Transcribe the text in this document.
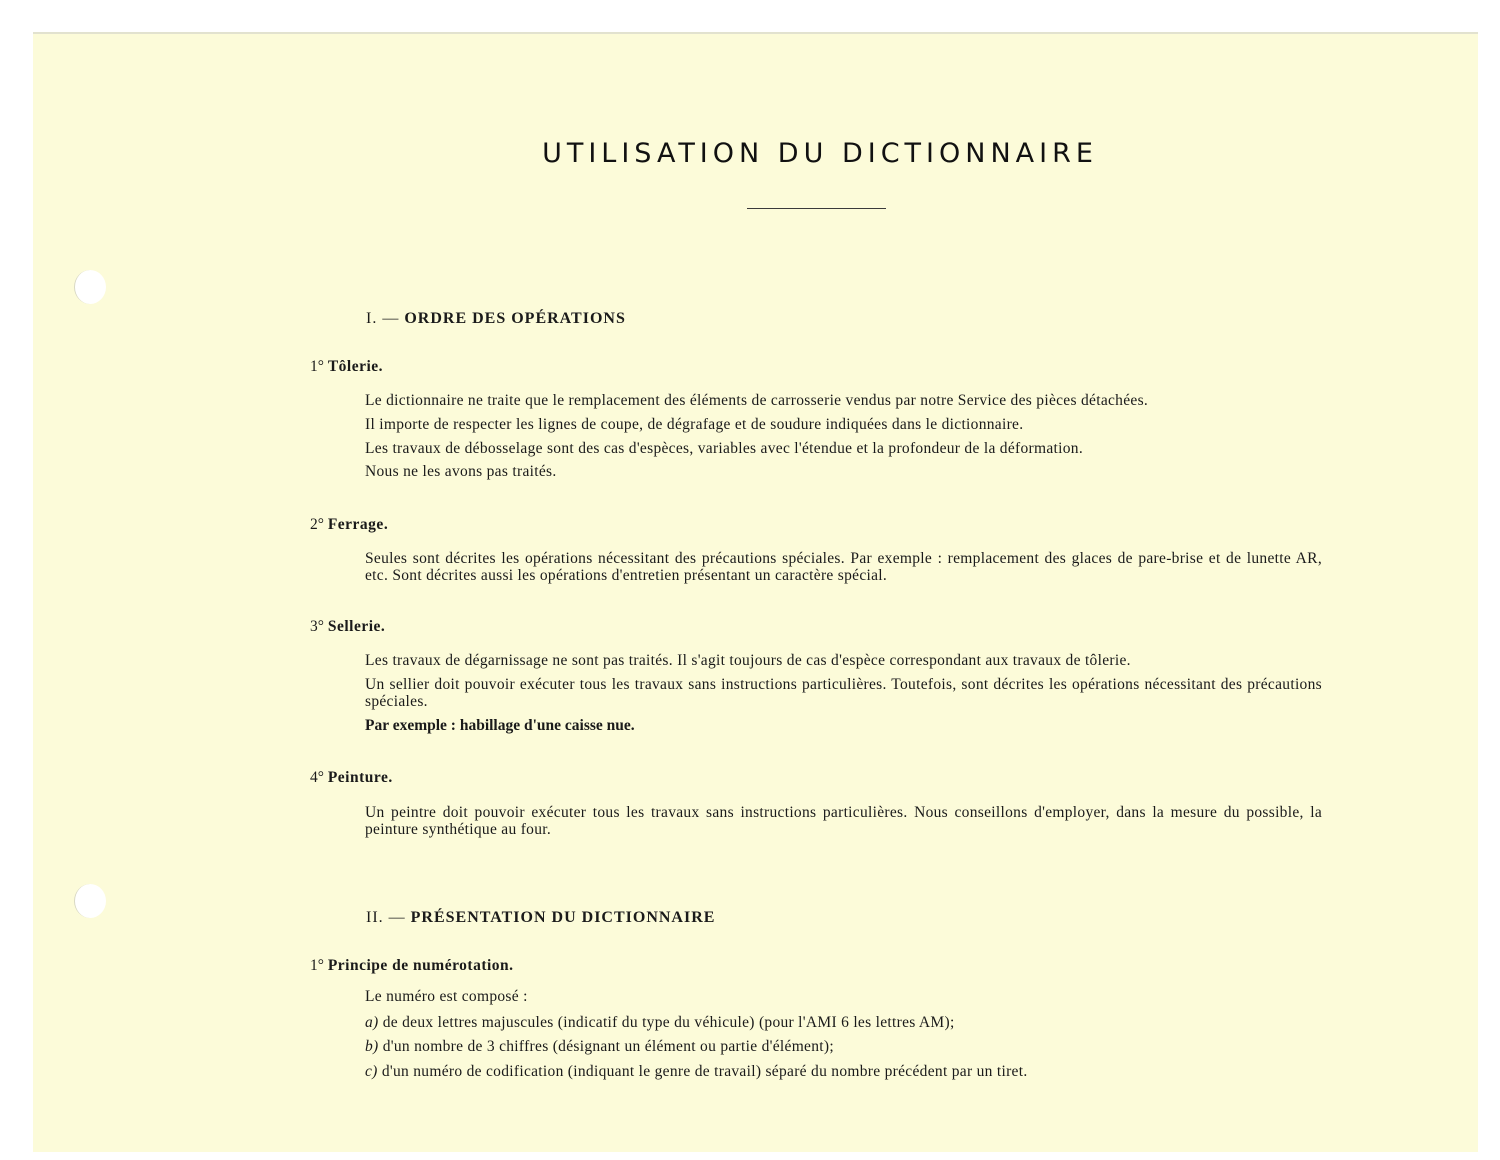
UTILISATION DU DICTIONNAIRE
I. — ORDRE DES OPÉRATIONS
1° Tôlerie.
Le dictionnaire ne traite que le remplacement des éléments de carrosserie vendus par notre Service des pièces détachées.
Il importe de respecter les lignes de coupe, de dégrafage et de soudure indiquées dans le dictionnaire.
Les travaux de débosselage sont des cas d'espèces, variables avec l'étendue et la profondeur de la déformation.
Nous ne les avons pas traités.
2° Ferrage.
Seules sont décrites les opérations nécessitant des précautions spéciales. Par exemple : remplacement des glaces de pare-brise et de lunette AR, etc. Sont décrites aussi les opérations d'entretien présentant un caractère spécial.
3° Sellerie.
Les travaux de dégarnissage ne sont pas traités. Il s'agit toujours de cas d'espèce correspondant aux travaux de tôlerie.
Un sellier doit pouvoir exécuter tous les travaux sans instructions particulières. Toutefois, sont décrites les opérations nécessitant des précautions spéciales.
Par exemple : habillage d'une caisse nue.
4° Peinture.
Un peintre doit pouvoir exécuter tous les travaux sans instructions particulières. Nous conseillons d'employer, dans la mesure du possible, la peinture synthétique au four.
II. — PRÉSENTATION DU DICTIONNAIRE
1° Principe de numérotation.
Le numéro est composé :
a) de deux lettres majuscules (indicatif du type du véhicule) (pour l'AMI 6 les lettres AM);
b) d'un nombre de 3 chiffres (désignant un élément ou partie d'élément);
c) d'un numéro de codification (indiquant le genre de travail) séparé du nombre précédent par un tiret.
